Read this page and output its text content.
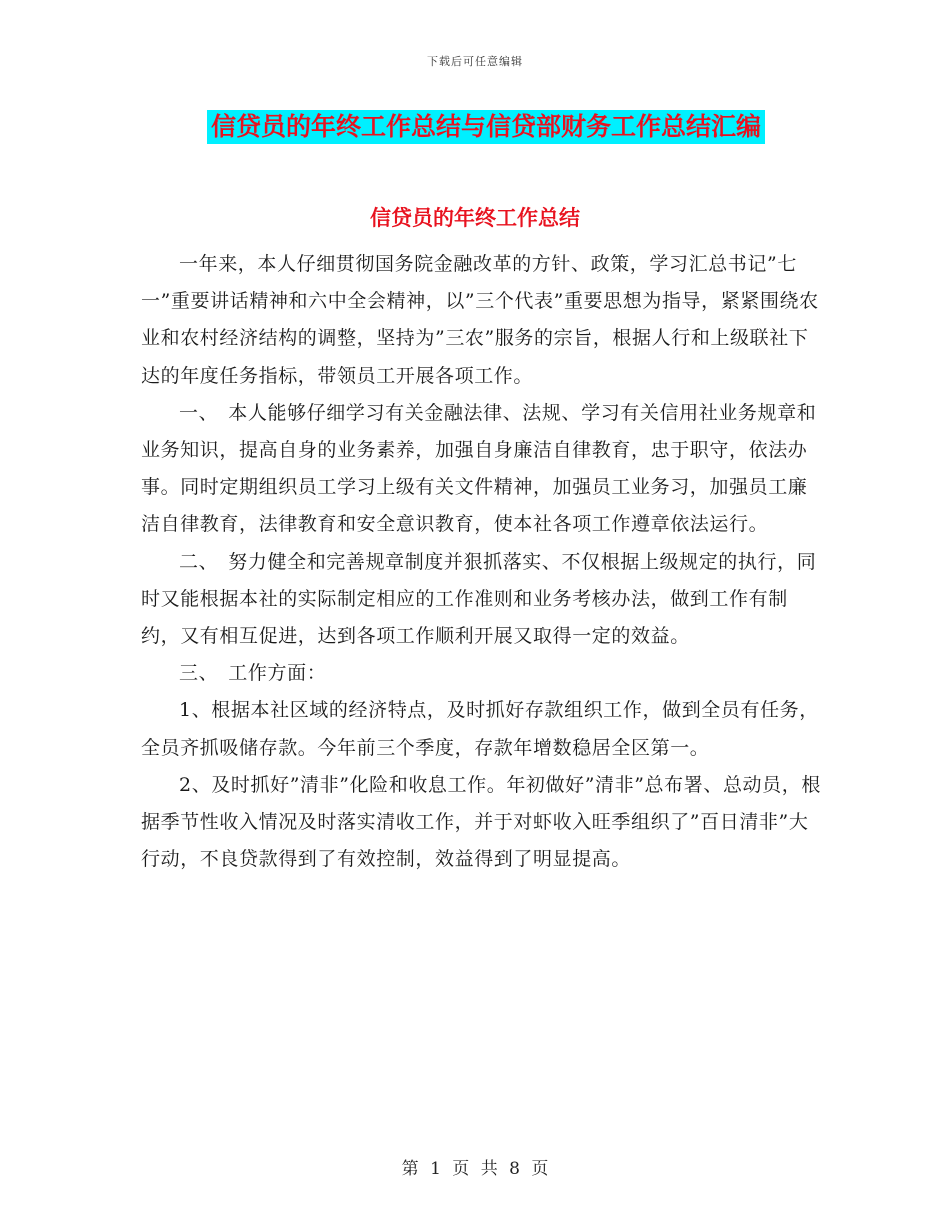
下载后可任意编辑
信贷员的年终工作总结与信贷部财务工作总结汇编
信贷员的年终工作总结

一年来，本人仔细贯彻国务院金融改革的方针、政策，学习汇总书记”七一”重要讲话精神和六中全会精神，以”三个代表”重要思想为指导，紧紧围绕农业和农村经济结构的调整，坚持为”三农”服务的宗旨，根据人行和上级联社下达的年度任务指标，带领员工开展各项工作。

一、　本人能够仔细学习有关金融法律、法规、学习有关信用社业务规章和业务知识，提高自身的业务素养，加强自身廉洁自律教育，忠于职守，依法办事。同时定期组织员工学习上级有关文件精神，加强员工业务习，加强员工廉洁自律教育，法律教育和安全意识教育，使本社各项工作遵章依法运行。

二、　努力健全和完善规章制度并狠抓落实、不仅根据上级规定的执行，同时又能根据本社的实际制定相应的工作准则和业务考核办法，做到工作有制约，又有相互促进，达到各项工作顺利开展又取得一定的效益。

三、　工作方面：

1、根据本社区域的经济特点，及时抓好存款组织工作，做到全员有任务，全员齐抓吸储存款。今年前三个季度，存款年增数稳居全区第一。

2、及时抓好”清非”化险和收息工作。年初做好”清非”总布署、总动员，根据季节性收入情况及时落实清收工作，并于对虾收入旺季组织了”百日清非”大行动，不良贷款得到了有效控制，效益得到了明显提高。

第 1 页 共 8 页
